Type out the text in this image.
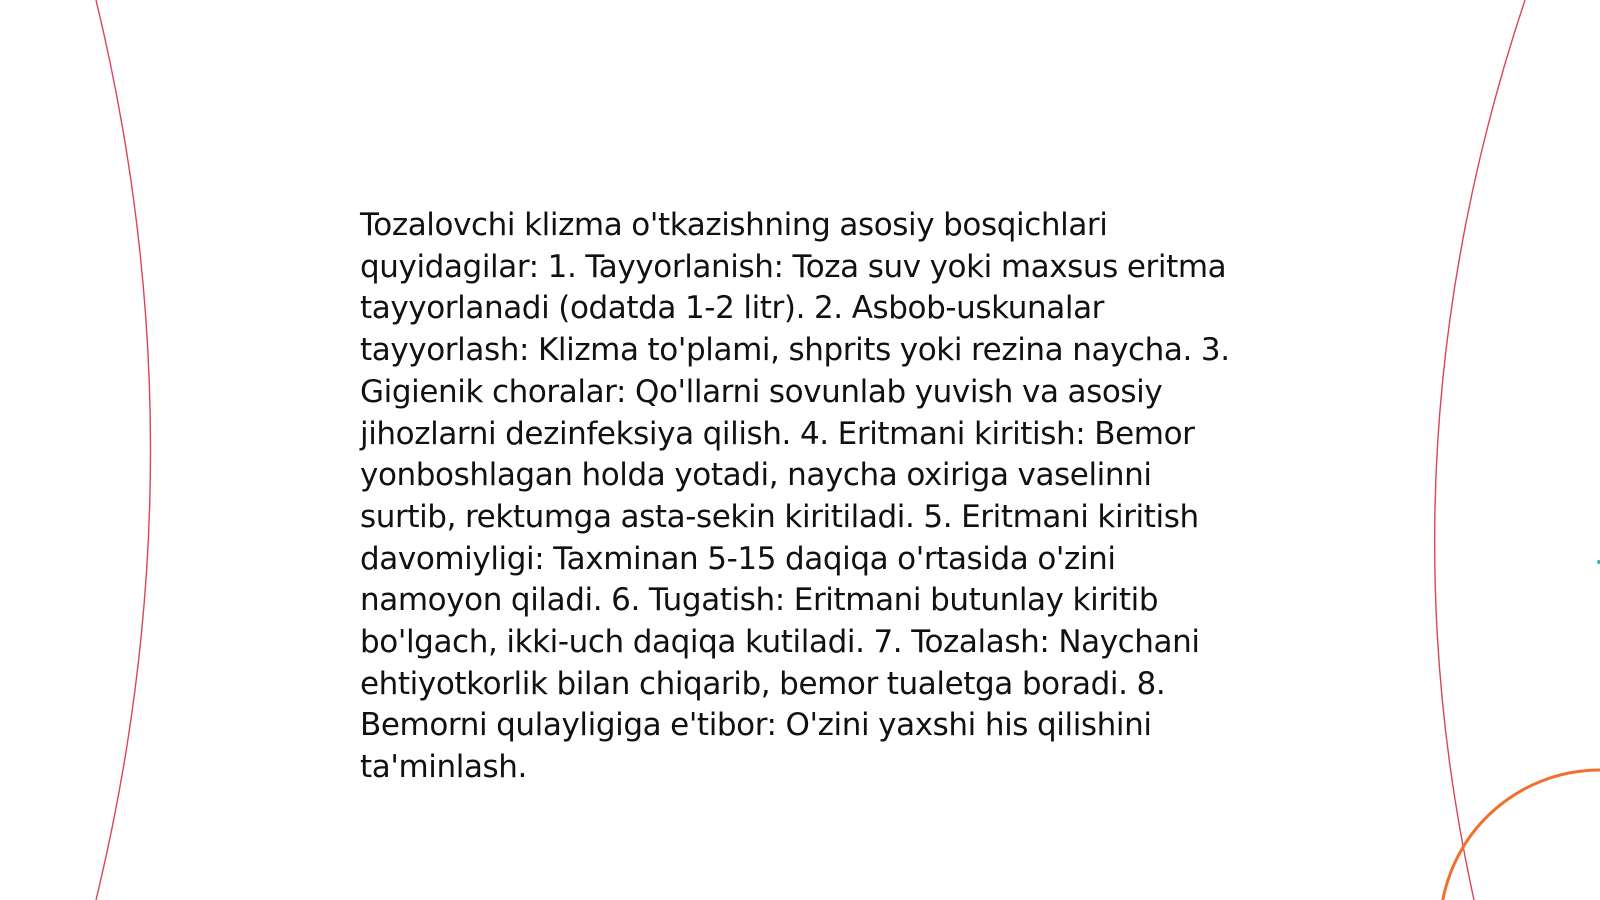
Tozalovchi klizma o'tkazishning asosiy bosqichlari quyidagilar: 1. Tayyorlanish: Toza suv yoki maxsus eritma tayyorlanadi (odatda 1-2 litr). 2. Asbob-uskunalar tayyorlash: Klizma to'plami, shprits yoki rezina naycha. 3. Gigienik choralar: Qo'llarni sovunlab yuvish va asosiy jihozlarni dezinfeksiya qilish. 4. Eritmani kiritish: Bemor yonboshlagan holda yotadi, naycha oxiriga vaselinni surtib, rektumga asta-sekin kiritiladi. 5. Eritmani kiritish davomiyligi: Taxminan 5-15 daqiqa o'rtasida o'zini namoyon qiladi. 6. Tugatish: Eritmani butunlay kiritib bo'lgach, ikki-uch daqiqa kutiladi. 7. Tozalash: Naychani ehtiyotkorlik bilan chiqarib, bemor tualetga boradi. 8. Bemorni qulayligiga e'tibor: O'zini yaxshi his qilishini ta'minlash.
